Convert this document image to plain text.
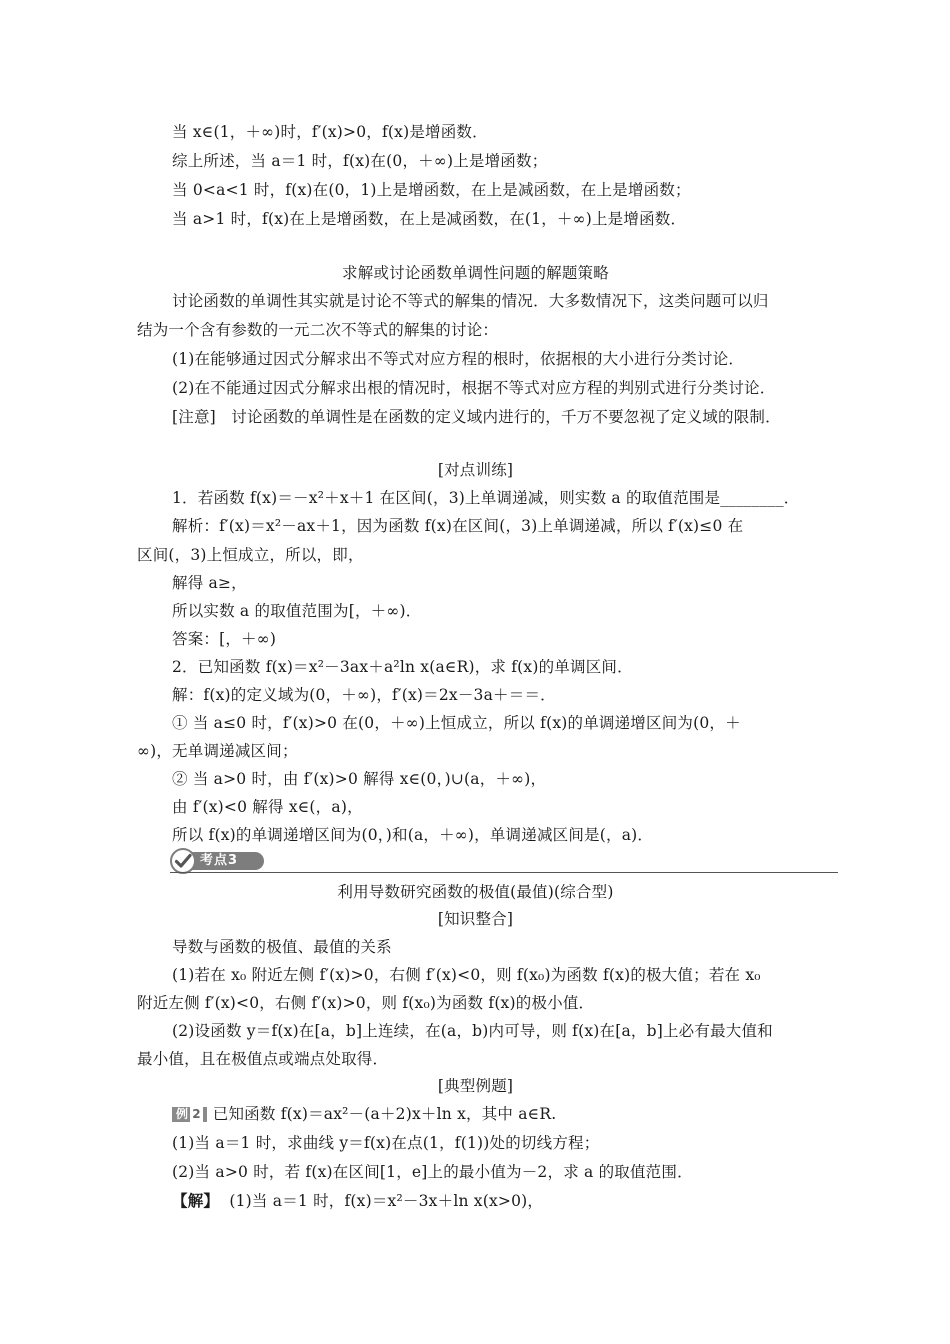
当 x∈(1，＋∞)时，f′(x)>0，f(x)是增函数．
综上所述，当 a＝1 时，f(x)在(0，＋∞)上是增函数；
当 0<a<1 时，f(x)在(0，1)上是增函数，在上是减函数，在上是增函数；
当 a>1 时，f(x)在上是增函数，在上是减函数，在(1，＋∞)上是增函数．
求解或讨论函数单调性问题的解题策略
讨论函数的单调性其实就是讨论不等式的解集的情况．大多数情况下，这类问题可以归
结为一个含有参数的一元二次不等式的解集的讨论：
(1)在能够通过因式分解求出不等式对应方程的根时，依据根的大小进行分类讨论．
(2)在不能通过因式分解求出根的情况时，根据不等式对应方程的判别式进行分类讨论．
[注意] 讨论函数的单调性是在函数的定义域内进行的，千万不要忽视了定义域的限制．
[对点训练]
1．若函数 f(x)＝－x²＋x＋1 在区间(，3)上单调递减，则实数 a 的取值范围是________．
解析：f′(x)＝x²－ax＋1，因为函数 f(x)在区间(，3)上单调递减，所以 f′(x)≤0 在
区间(，3)上恒成立，所以，即，
解得 a≥，
所以实数 a 的取值范围为[，＋∞)．
答案：[，＋∞)
2．已知函数 f(x)＝x²－3ax＋a²ln x(a∈R)，求 f(x)的单调区间．
解：f(x)的定义域为(0，＋∞)，f′(x)＝2x－3a＋＝＝．
① 当 a≤0 时，f′(x)>0 在(0，＋∞)上恒成立，所以 f(x)的单调递增区间为(0，＋
∞)，无单调递减区间；
② 当 a>0 时，由 f′(x)>0 解得 x∈(0，)∪(a，＋∞)，
由 f′(x)<0 解得 x∈(，a)，
所以 f(x)的单调递增区间为(0，)和(a，＋∞)，单调递减区间是(，a)．
考点3
利用导数研究函数的极值(最值)(综合型)
[知识整合]
导数与函数的极值、最值的关系
(1)若在 x₀ 附近左侧 f′(x)>0，右侧 f′(x)<0，则 f(x₀)为函数 f(x)的极大值；若在 x₀
附近左侧 f′(x)<0，右侧 f′(x)>0，则 f(x₀)为函数 f(x)的极小值．
(2)设函数 y＝f(x)在[a，b]上连续，在(a，b)内可导，则 f(x)在[a，b]上必有最大值和
最小值，且在极值点或端点处取得．
[典型例题]
例 2 已知函数 f(x)＝ax²－(a＋2)x＋ln x，其中 a∈R.
(1)当 a＝1 时，求曲线 y＝f(x)在点(1，f(1))处的切线方程；
(2)当 a>0 时，若 f(x)在区间[1，e]上的最小值为－2，求 a 的取值范围．
【解】 (1)当 a＝1 时，f(x)＝x²－3x＋ln x(x>0)，
